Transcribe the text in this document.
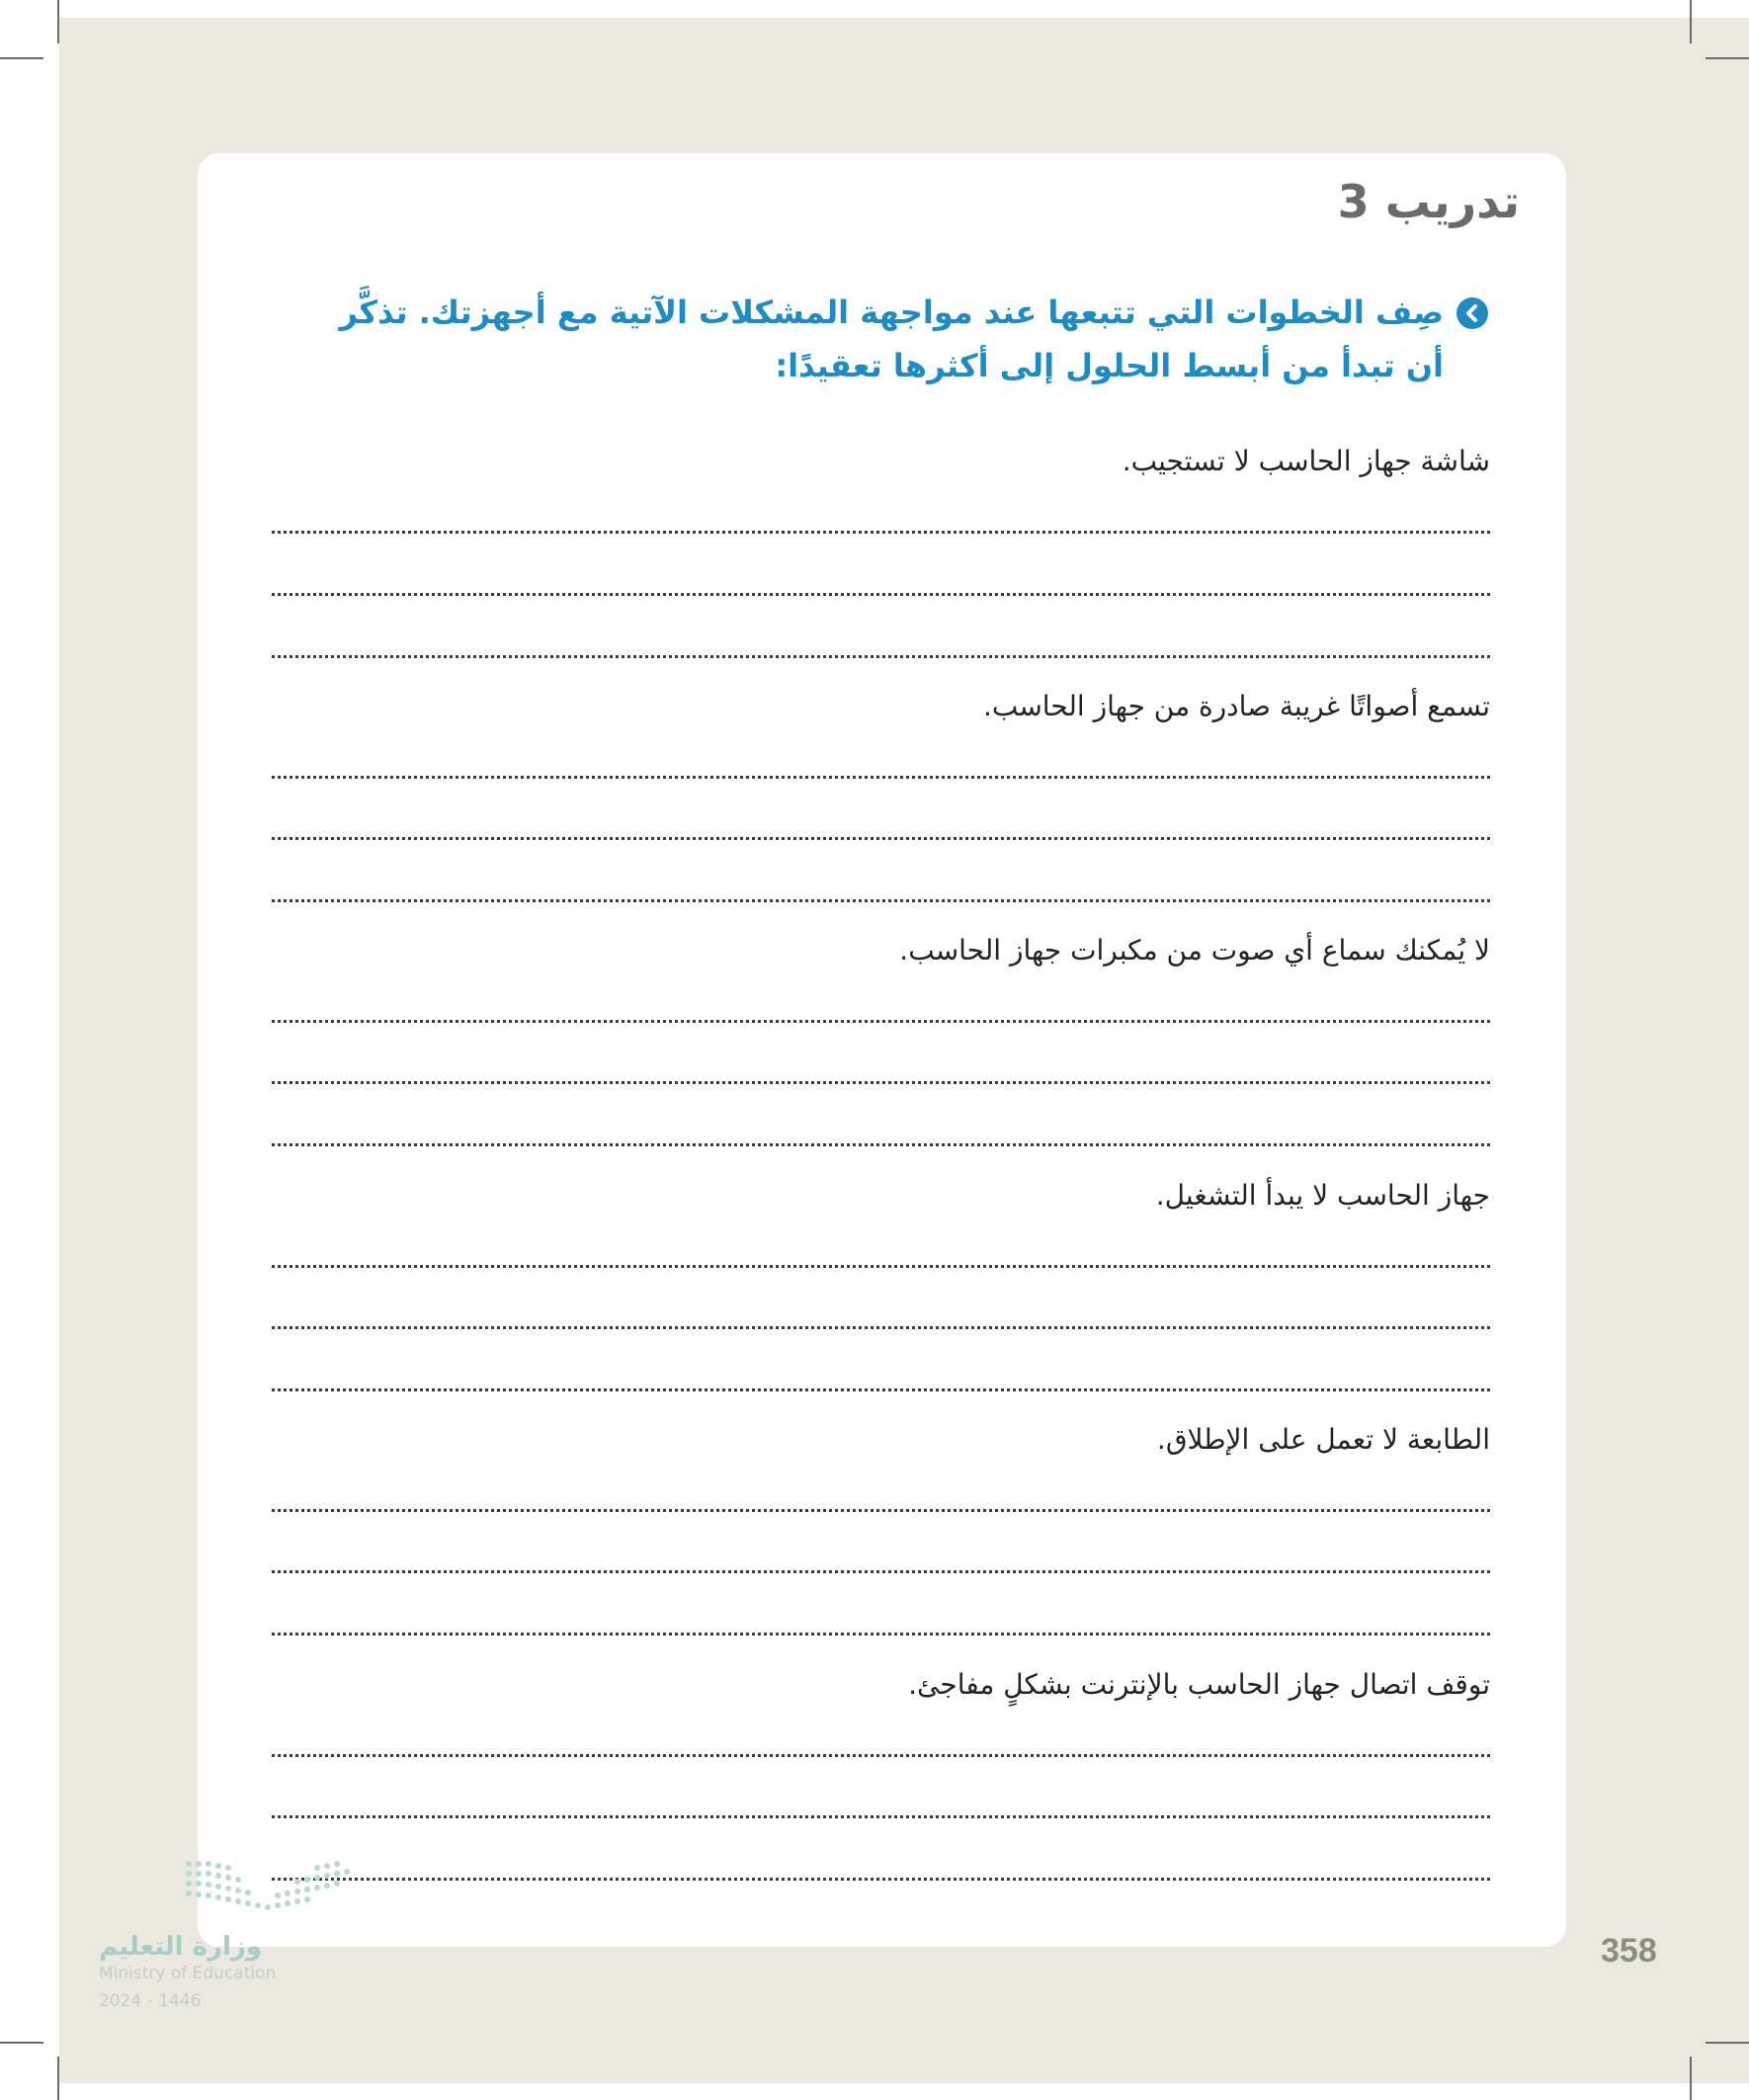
تدريب 3

صِف الخطوات التي تتبعها عند مواجهة المشكلات الآتية مع أجهزتك. تذكَّر أن تبدأ من أبسط الحلول إلى أكثرها تعقيدًا:

شاشة جهاز الحاسب لا تستجيب.

تسمع أصواتًا غريبة صادرة من جهاز الحاسب.

لا يُمكنك سماع أي صوت من مكبرات جهاز الحاسب.

جهاز الحاسب لا يبدأ التشغيل.

الطابعة لا تعمل على الإطلاق.

توقف اتصال جهاز الحاسب بالإنترنت بشكلٍ مفاجئ.

358
وزارة التعليم
Ministry of Education
2024 - 1446
